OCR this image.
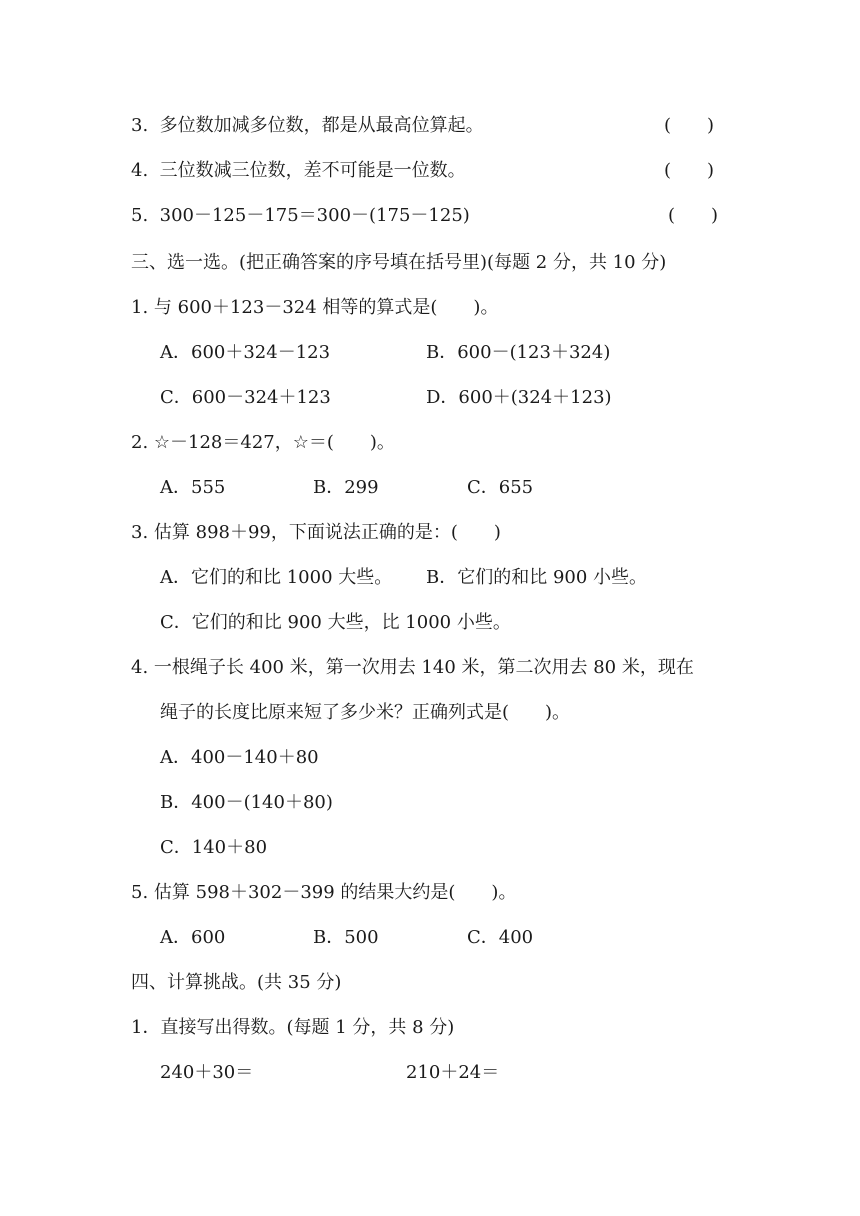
3.  多位数加减多位数，都是从最高位算起。	(　　)
4.  三位数减三位数，差不可能是一位数。	(　　)
5.  300－125－175＝300－(175－125)	(　　)
三、选一选。(把正确答案的序号填在括号里)(每题 2 分，共 10 分)
1. 与 600＋123－324 相等的算式是(　　)。
A．600＋324－123	B．600－(123＋324)
C．600－324＋123	D．600＋(324＋123)
2. ☆－128＝427，☆＝(　　)。
A．555	B．299	C．655
3. 估算 898＋99，下面说法正确的是：(　　)
A．它们的和比 1000 大些。 B．它们的和比 900 小些。
C．它们的和比 900 大些，比 1000 小些。
4. 一根绳子长 400 米，第一次用去 140 米，第二次用去 80 米，现在
绳子的长度比原来短了多少米？正确列式是(　　)。
A．400－140＋80
B．400－(140＋80)
C．140＋80
5. 估算 598＋302－399 的结果大约是(　　)。
A．600	B．500	C．400
四、计算挑战。(共 35 分)
1．直接写出得数。(每题 1 分，共 8 分)
240＋30＝	210＋24＝
